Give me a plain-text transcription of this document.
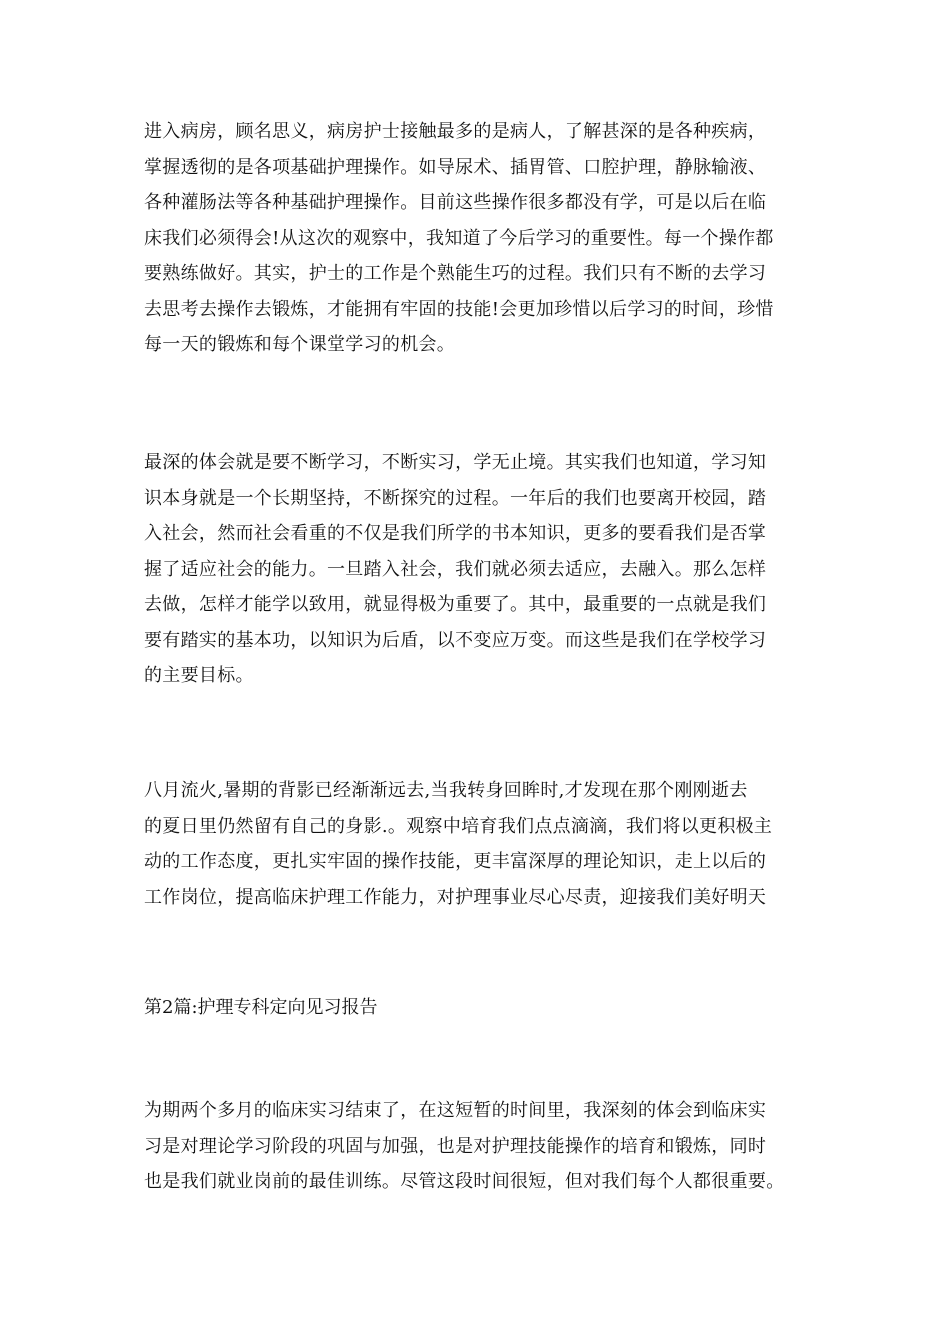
进入病房，顾名思义，病房护士接触最多的是病人，了解甚深的是各种疾病，
掌握透彻的是各项基础护理操作。如导尿术、插胃管、口腔护理，静脉输液、
各种灌肠法等各种基础护理操作。目前这些操作很多都没有学，可是以后在临
床我们必须得会!从这次的观察中，我知道了今后学习的重要性。每一个操作都
要熟练做好。其实，护士的工作是个熟能生巧的过程。我们只有不断的去学习
去思考去操作去锻炼，才能拥有牢固的技能!会更加珍惜以后学习的时间，珍惜
每一天的锻炼和每个课堂学习的机会。

最深的体会就是要不断学习，不断实习，学无止境。其实我们也知道，学习知
识本身就是一个长期坚持，不断探究的过程。一年后的我们也要离开校园，踏
入社会，然而社会看重的不仅是我们所学的书本知识，更多的要看我们是否掌
握了适应社会的能力。一旦踏入社会，我们就必须去适应，去融入。那么怎样
去做，怎样才能学以致用，就显得极为重要了。其中，最重要的一点就是我们
要有踏实的基本功，以知识为后盾，以不变应万变。而这些是我们在学校学习
的主要目标。

八月流火,暑期的背影已经渐渐远去,当我转身回眸时,才发现在那个刚刚逝去
的夏日里仍然留有自己的身影.。观察中培育我们点点滴滴，我们将以更积极主
动的工作态度，更扎实牢固的操作技能，更丰富深厚的理论知识，走上以后的
工作岗位，提高临床护理工作能力，对护理事业尽心尽责，迎接我们美好明天

第2篇:护理专科定向见习报告

为期两个多月的临床实习结束了，在这短暂的时间里，我深刻的体会到临床实
习是对理论学习阶段的巩固与加强，也是对护理技能操作的培育和锻炼，同时
也是我们就业岗前的最佳训练。尽管这段时间很短，但对我们每个人都很重要。
